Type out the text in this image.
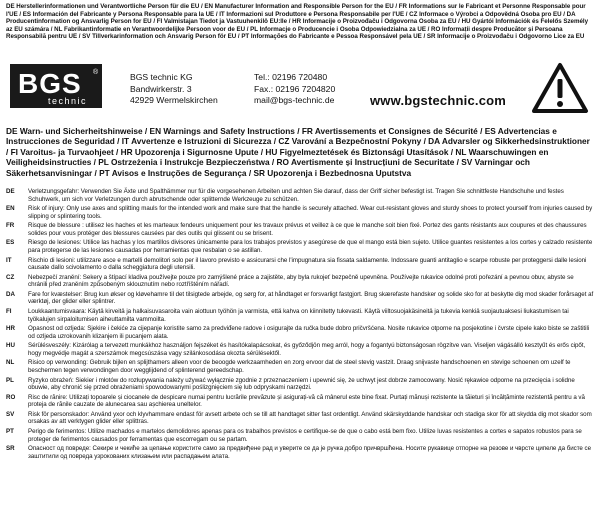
DE Herstellerinformationen und Verantwortliche Person für die EU / EN Manufacturer Information and Responsible Person for the EU / FR Informations sur le Fabricant et Personne Responsable pour l'UE / ES Información del Fabricante y Persona Responsable para la UE / IT Informazioni sul Produttore e Persona Responsabile per l'UE / CZ Informace o Výrobci a Odpovědná Osoba pro EU / DA Producentinformation og Ansvarlig Person for EU / FI Valmistajan Tiedot ja Vastuuhenkilö EU:lle / HR Informacije o Proizvođaču i Odgovorna Osoba za EU / HU Gyártói Információk és Felelős Személy az EU számára / NL Fabrikantinformatie en Verantwoordelijke Persoon voor de EU / PL Informacje o Producencie i Osoba Odpowiedzialna za UE / RO Informații despre Producător și Persoana Responsabilă pentru UE / SV Tillverkarinformation och Ansvarig Person för EU / PT Informações do Fabricante e Pessoa Responsável pela UE / SR Informacije o Proizvođaču i Odgovorno Lice za EU
BGS ®
technic
BGS technic KG
Bandwirkerstr. 3
42929 Wermelskirchen
Tel.: 02196 720480
Fax.: 02196 7204820
mail@bgs-technic.de	www.bgstechnic.com
DE Warn- und Sicherheitshinweise / EN Warnings and Safety Instructions / FR Avertissements et Consignes de Sécurité / ES Advertencias e Instrucciones de Seguridad / IT Avvertenze e Istruzioni di Sicurezza / CZ Varování a Bezpečnostní Pokyny / DA Advarsler og Sikkerhedsinstruktioner / FI Varoitus- ja Turvaohjeet / HR Upozorenja i Sigurnosne Upute / HU Figyelmeztetések és Biztonsági Utasítások / NL Waarschuwingen en Veiligheidsinstructies / PL Ostrzeżenia i Instrukcje Bezpieczeństwa / RO Avertismente și Instrucțiuni de Securitate / SV Varningar och Säkerhetsanvisningar / PT Avisos e Instruções de Segurança / SR Upozorenja i Bezbednosna Uputstva
DE	Verletzungsgefahr: Verwenden Sie Äxte und Spalthämmer nur für die vorgesehenen Arbeiten und achten Sie darauf, dass der Griff sicher befestigt ist. Tragen Sie schnittfeste Handschuhe und festes Schuhwerk, um sich vor Verletzungen durch abrutschende oder splitternde Werkzeuge zu schützen.
EN	Risk of injury: Only use axes and splitting mauls for the intended work and make sure that the handle is securely attached. Wear cut-resistant gloves and sturdy shoes to protect yourself from injuries caused by slipping or splintering tools.
FR	Risque de blessure : utilisez les haches et les marteaux fendeurs uniquement pour les travaux prévus et veillez à ce que le manche soit bien fixé. Portez des gants résistants aux coupures et des chaussures solides pour vous protéger des blessures causées par des outils qui glissent ou se brisent.
ES	Riesgo de lesiones: Utilice las hachas y los martillos divisores únicamente para los trabajos previstos y asegúrese de que el mango está bien sujeto. Utilice guantes resistentes a los cortes y calzado resistente para protegerse de las lesiones causadas por herramientas que resbalan o se astillan.
IT	Rischio di lesioni: utilizzare asce e martelli demolitori solo per il lavoro previsto e assicurarsi che l'impugnatura sia fissata saldamente. Indossare guanti antitaglio e scarpe robuste per proteggersi dalle lesioni causate dallo scivolamento o dalla scheggiatura degli utensili.
CZ	Nebezpečí zranění: Sekery a štípací kladiva používejte pouze pro zamýšlené práce a zajistěte, aby byla rukojeť bezpečně upevněna. Používejte rukavice odolné proti pořezání a pevnou obuv, abyste se chránili před zraněním způsobeným sklouznutím nebo roztříštěním nářadí.
DA	Fare for kvæstelser: Brug kun økser og kløvehamre til det tilsigtede arbejde, og sørg for, at håndtaget er forsvarligt fastgjort. Brug skærefaste handsker og solide sko for at beskytte dig mod skader forårsaget af værktøj, der glider eller splintrer.
FI	Loukkaantumisvaara: Käytä kirveitä ja halkaisuvasaroita vain aiottuun työhön ja varmista, että kahva on kiinnitetty tukevasti. Käytä viiltosuojakäsineitä ja tukevia kenkiä suojautuaksesi liukastumisen tai työkalujen sirpaloitumisen aiheuttamilta vammoilta.
HR	Opasnost od ozljeda: Sjekire i čekiće za cijepanje koristite samo za predviđene radove i osigurajte da ručka bude dobro pričvršćena. Nosite rukavice otporne na posjekotine i čvrste cipele kako biste se zaštitili od ozljeda uzrokovanih klizanjem ili pucanjem alata.
HU	Sérülésveszély: Kizárólag a tervezett munkákhoz használjon fejszéket és hasítókalapácsokat, és győződjön meg arról, hogy a fogantyú biztonságosan rögzítve van. Viseljen vágásálló kesztyűt és erős cipőt, hogy megvédje magát a szerszámok megcsúszása vagy szilánkosodása okozta sérülésektől.
NL	Risico op verwonding: Gebruik bijlen en splijthamers alleen voor de beoogde werkzaamheden en zorg ervoor dat de steel stevig vastzit. Draag snijvaste handschoenen en stevige schoenen om uzelf te beschermen tegen verwondingen door wegglijdend of splinterend gereedschap.
PL	Ryzyko obrażeń: Siekier i młotów do rozłupywania należy używać wyłącznie zgodnie z przeznaczeniem i upewnić się, że uchwyt jest dobrze zamocowany. Nosić rękawice odporne na przecięcia i solidne obuwie, aby chronić się przed obrażeniami spowodowanymi poślizgnięciem się lub odpryskami narzędzi.
RO	Risc de rănire: Utilizați topoarele și ciocanele de despicare numai pentru lucrările prevăzute și asigurați-vă că mânerul este bine fixat. Purtați mănuși rezistente la tăieturi și încălțăminte rezistentă pentru a vă proteja de rănile cauzate de alunecarea sau așchierea uneltelor.
SV	Risk för personskador: Använd yxor och klyvhammare endast för avsett arbete och se till att handtaget sitter fast ordentligt. Använd skärskyddande handskar och stadiga skor för att skydda dig mot skador som orsakas av att verktygen glider eller splittras.
PT	Perigo de ferimentos: Utilize machados e martelos demolidores apenas para os trabalhos previstos e certifique-se de que o cabo está bem fixo. Utilize luvas resistentes a cortes e sapatos robustos para se proteger de ferimentos causados por ferramentas que escorregam ou se partam.
SR	Опасност од повреде: Секире и чекиће за цепање користите само за предвиђене рад и уверите се да је ручка добро причвршћена. Носите рукавице отпорне на резове и чврсте ципеле да бисте се заштитили од повреда узрокованих клизањем или распадањем алата.
